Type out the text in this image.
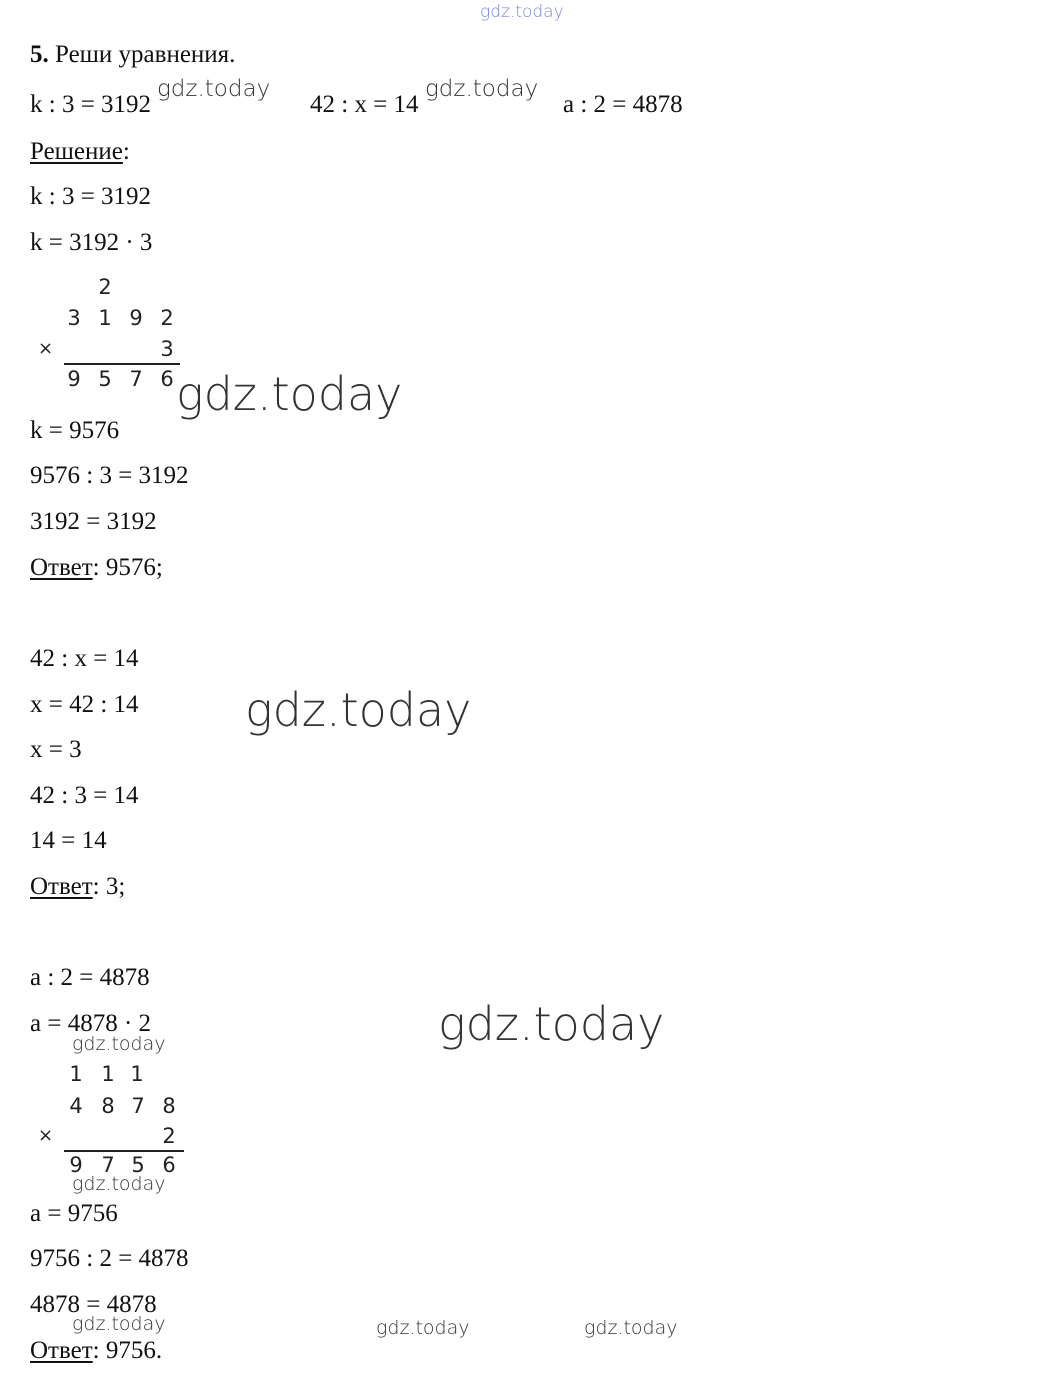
gdz.today
5. Реши уравнения.
k : 3 = 3192	42 : x = 14	a : 2 = 4878
gdz.today	gdz.today
Решение:
k : 3 = 3192
k = 3192 · 3
2
3 1 9 2
×	3
9 5 7 6 gdz.today
k = 9576
9576 : 3 = 3192
3192 = 3192
Ответ: 9576;
42 : x = 14
x = 42 : 14
x = 3
42 : 3 = 14
14 = 14
Ответ: 3;
gdz.today
a : 2 = 4878
a = 4878 · 2	gdz.today
gdz.today
1 1 1
4 8 7 8
×	2
9 7 5 6
gdz.today
a = 9756
9756 : 2 = 4878
4878 = 4878
gdz.today	gdz.today	gdz.today
Ответ: 9756.
